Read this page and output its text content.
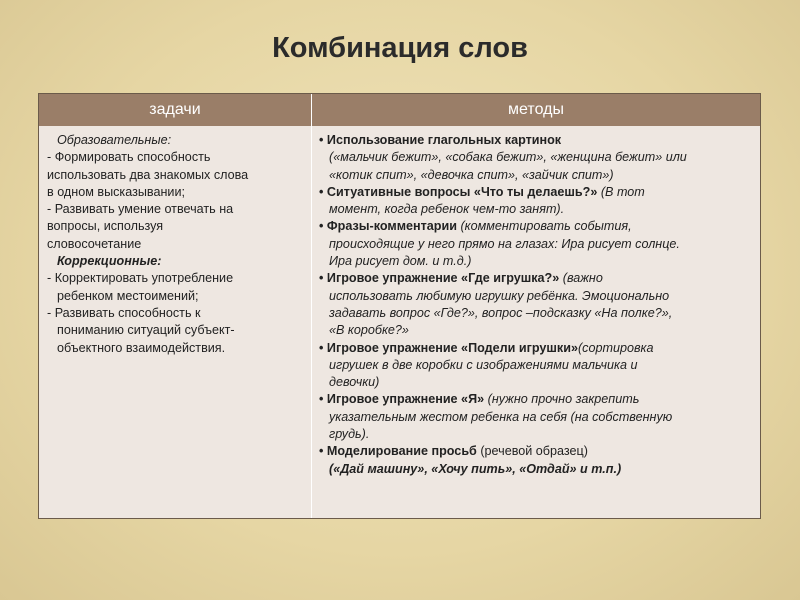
Комбинация слов
задачи	методы
Образовательные:
- Формировать способность
использовать два знакомых слова
в одном высказывании;
- Развивать умение отвечать на
вопросы, используя
словосочетание
Коррекционные:
- Корректировать употребление
ребенком местоимений;
- Развивать способность к
пониманию ситуаций субъект-
объектного взаимодействия.
• Использование глагольных картинок
(«мальчик бежит», «собака бежит», «женщина бежит» или
«котик спит», «девочка спит», «зайчик спит»)
• Ситуативные вопросы «Что ты делаешь?» (В тот
момент, когда ребенок чем-то занят).
• Фразы-комментарии (комментировать события,
происходящие у него прямо на глазах: Ира рисует солнце.
Ира рисует дом. и т.д.)
• Игровое упражнение «Где игрушка?» (важно
использовать любимую игрушку ребёнка. Эмоционально
задавать вопрос «Где?», вопрос –подсказку «На полке?»,
«В коробке?»
• Игровое упражнение «Подели игрушки»(сортировка
игрушек в две коробки с изображениями мальчика и
девочки)
• Игровое упражнение «Я» (нужно прочно закрепить
указательным жестом ребенка на себя (на собственную
грудь).
• Моделирование просьб (речевой образец)
(«Дай машину», «Хочу пить», «Отдай» и т.п.)
